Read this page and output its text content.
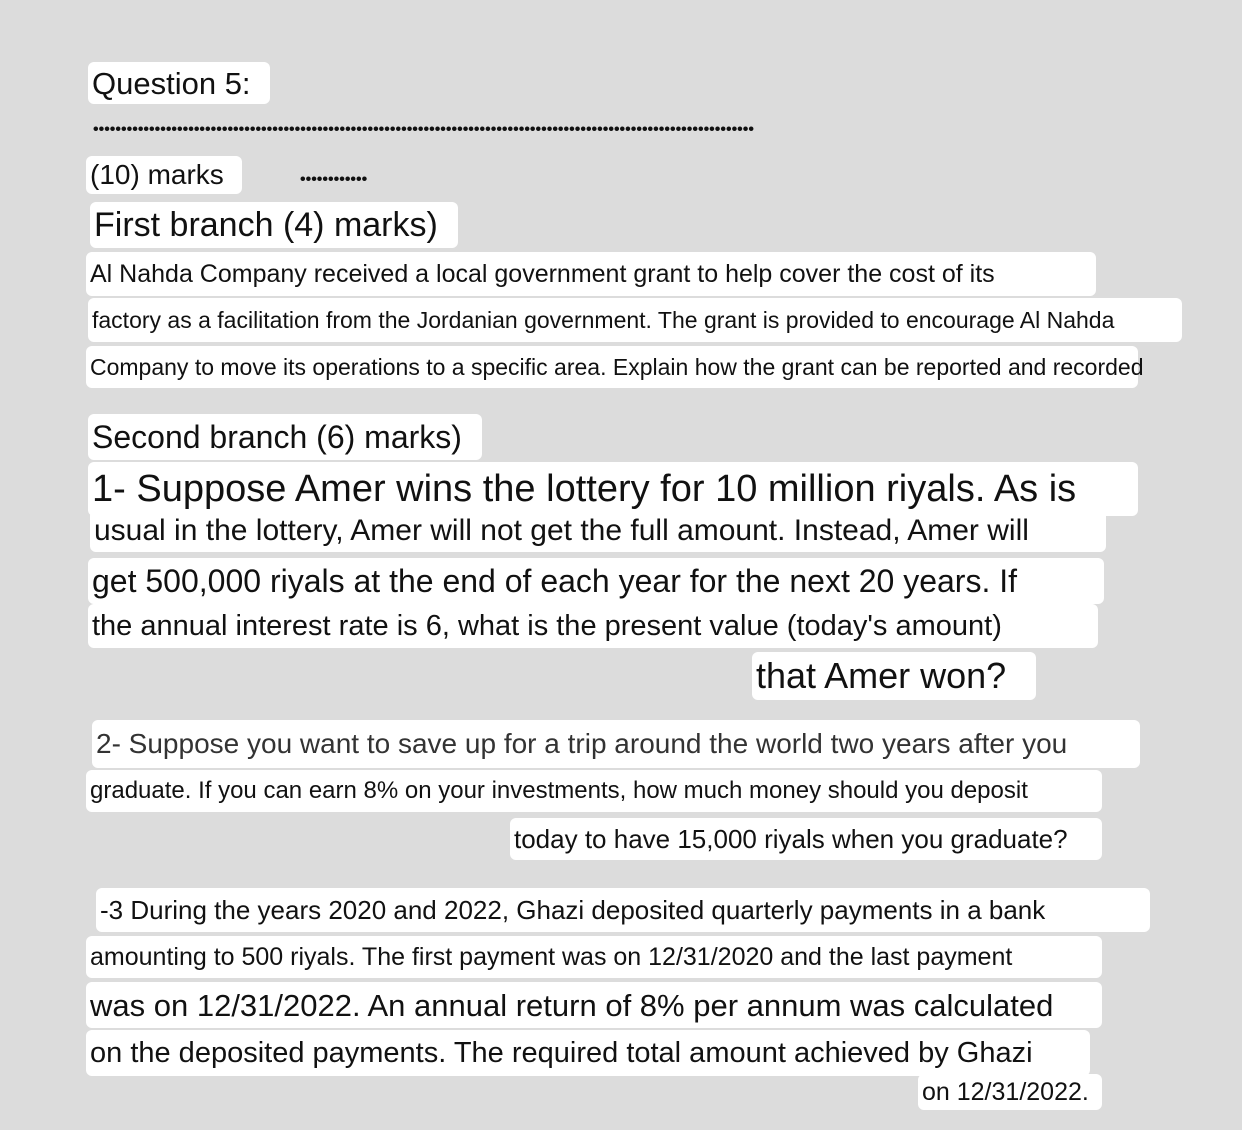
Question 5:
••••••••••••••••••••••••••••••••••••••••••••••••••••••••••••••••••••••••••••••••••••••••••••••••••••••••••••••••••••••
(10) marks	••••••••••••
First branch (4) marks)
Al Nahda Company received a local government grant to help cover the cost of its
factory as a facilitation from the Jordanian government. The grant is provided to encourage Al Nahda
Company to move its operations to a specific area. Explain how the grant can be reported and recorded
Second branch (6) marks)
1- Suppose Amer wins the lottery for 10 million riyals. As is
usual in the lottery, Amer will not get the full amount. Instead, Amer will
get 500,000 riyals at the end of each year for the next 20 years. If
the annual interest rate is 6, what is the present value (today's amount)
that Amer won?
2- Suppose you want to save up for a trip around the world two years after you
graduate. If you can earn 8% on your investments, how much money should you deposit
today to have 15,000 riyals when you graduate?
-3 During the years 2020 and 2022, Ghazi deposited quarterly payments in a bank
amounting to 500 riyals. The first payment was on 12/31/2020 and the last payment
was on 12/31/2022. An annual return of 8% per annum was calculated
on the deposited payments. The required total amount achieved by Ghazi
on 12/31/2022.
